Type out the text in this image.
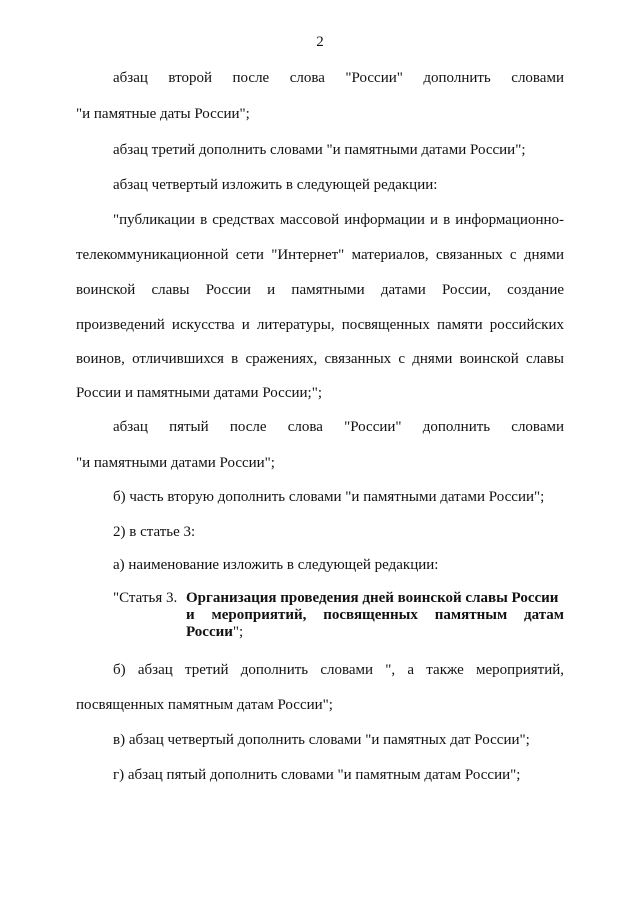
2
абзац второй после слова "России" дополнить словами
"и памятные даты России";
абзац третий дополнить словами "и памятными датами России";
абзац четвертый изложить в следующей редакции:
"публикации в средствах массовой информации и в информационно-
телекоммуникационной сети "Интернет" материалов, связанных с днями
воинской славы России и памятными датами России, создание
произведений искусства и литературы, посвященных памяти российских
воинов, отличившихся в сражениях, связанных с днями воинской славы
России и памятными датами России;";
абзац пятый после слова "России" дополнить словами
"и памятными датами России";
б) часть вторую дополнить словами "и памятными датами России";
2) в статье 3:
а) наименование изложить в следующей редакции:
"Статья 3. Организация проведения дней воинской славы России
и мероприятий, посвященных памятным датам
России";
б) абзац третий дополнить словами ", а также мероприятий,
посвященных памятным датам России";
в) абзац четвертый дополнить словами "и памятных дат России";
г) абзац пятый дополнить словами "и памятным датам России";
